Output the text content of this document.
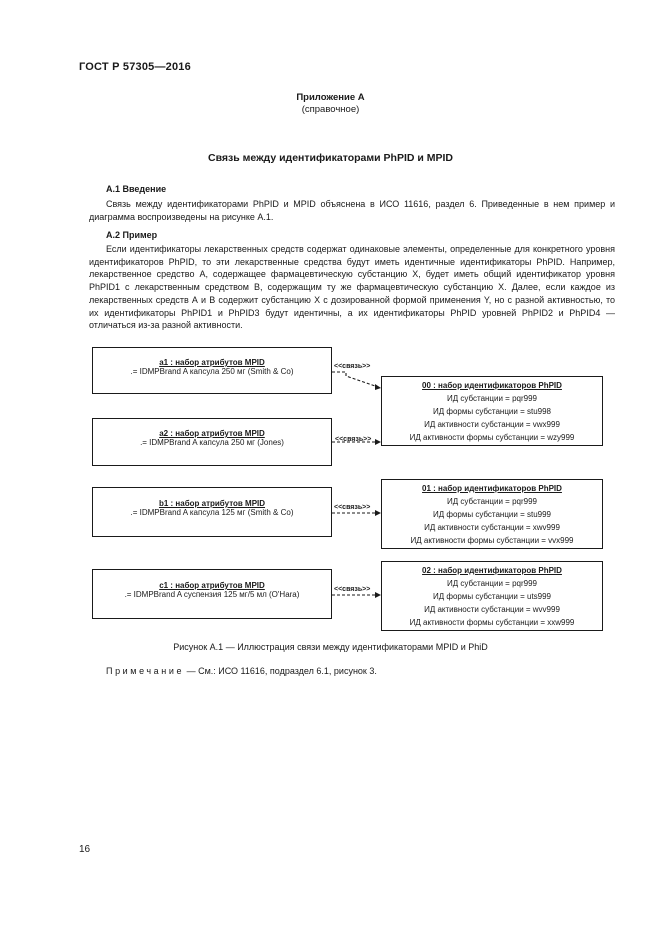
ГОСТ Р 57305—2016
Приложение А
(справочное)
Связь между идентификаторами PhPID и MPID
А.1 Введение
Связь между идентификаторами PhPID и MPID объяснена в ИСО 11616, раздел 6. Приведенные в нем пример и диаграмма воспроизведены на рисунке А.1.
А.2 Пример
Если идентификаторы лекарственных средств содержат одинаковые элементы, определенные для конкретного уровня идентификаторов PhPID, то эти лекарственные средства будут иметь идентичные идентификаторы PhPID. Например, лекарственное средство А, содержащее фармацевтическую субстанцию X, будет иметь общий идентификатор уровня PhPID1 с лекарственным средством В, содержащим ту же фармацевтическую субстанцию X. Далее, если каждое из лекарственных средств А и В содержит субстанцию X с дозированной формой применения Y, но с разной активностью, то их идентификаторы PhPID1 и PhPID3 будут идентичны, а их идентификаторы PhPID уровней PhPID2 и PhPID4 — отличаться из-за разной активности.
a1 : набор атрибутов MPID
.= IDMPBrand A капсула 250 мг (Smith & Co)
a2 : набор атрибутов MPID
.= IDMPBrand A капсула 250 мг (Jones)
b1 : набор атрибутов MPID
.= IDMPBrand A капсула 125 мг (Smith & Co)
c1 : набор атрибутов MPID
.= IDMPBrand A суспензия 125 мг/5 мл (O'Hara)
00 : набор идентификаторов PhPID
ИД субстанции = pqr999
ИД формы субстанции = stu998
ИД активности субстанции = vwx999
ИД активности формы субстанции = wzy999
01 : набор идентификаторов PhPID
ИД субстанции = pqr999
ИД формы субстанции = stu999
ИД активности субстанции = xwv999
ИД активности формы субстанции = vvx999
02 : набор идентификаторов PhPID
ИД субстанции = pqr999
ИД формы субстанции = uts999
ИД активности субстанции = wvv999
ИД активности формы субстанции = xxw999
<<связь>>
<<связь>>
<<связь>>
<<связь>>
Рисунок А.1 — Иллюстрация связи между идентификаторами MPID и PhiD
Примечание — См.: ИСО 11616, подраздел 6.1, рисунок 3.
16
